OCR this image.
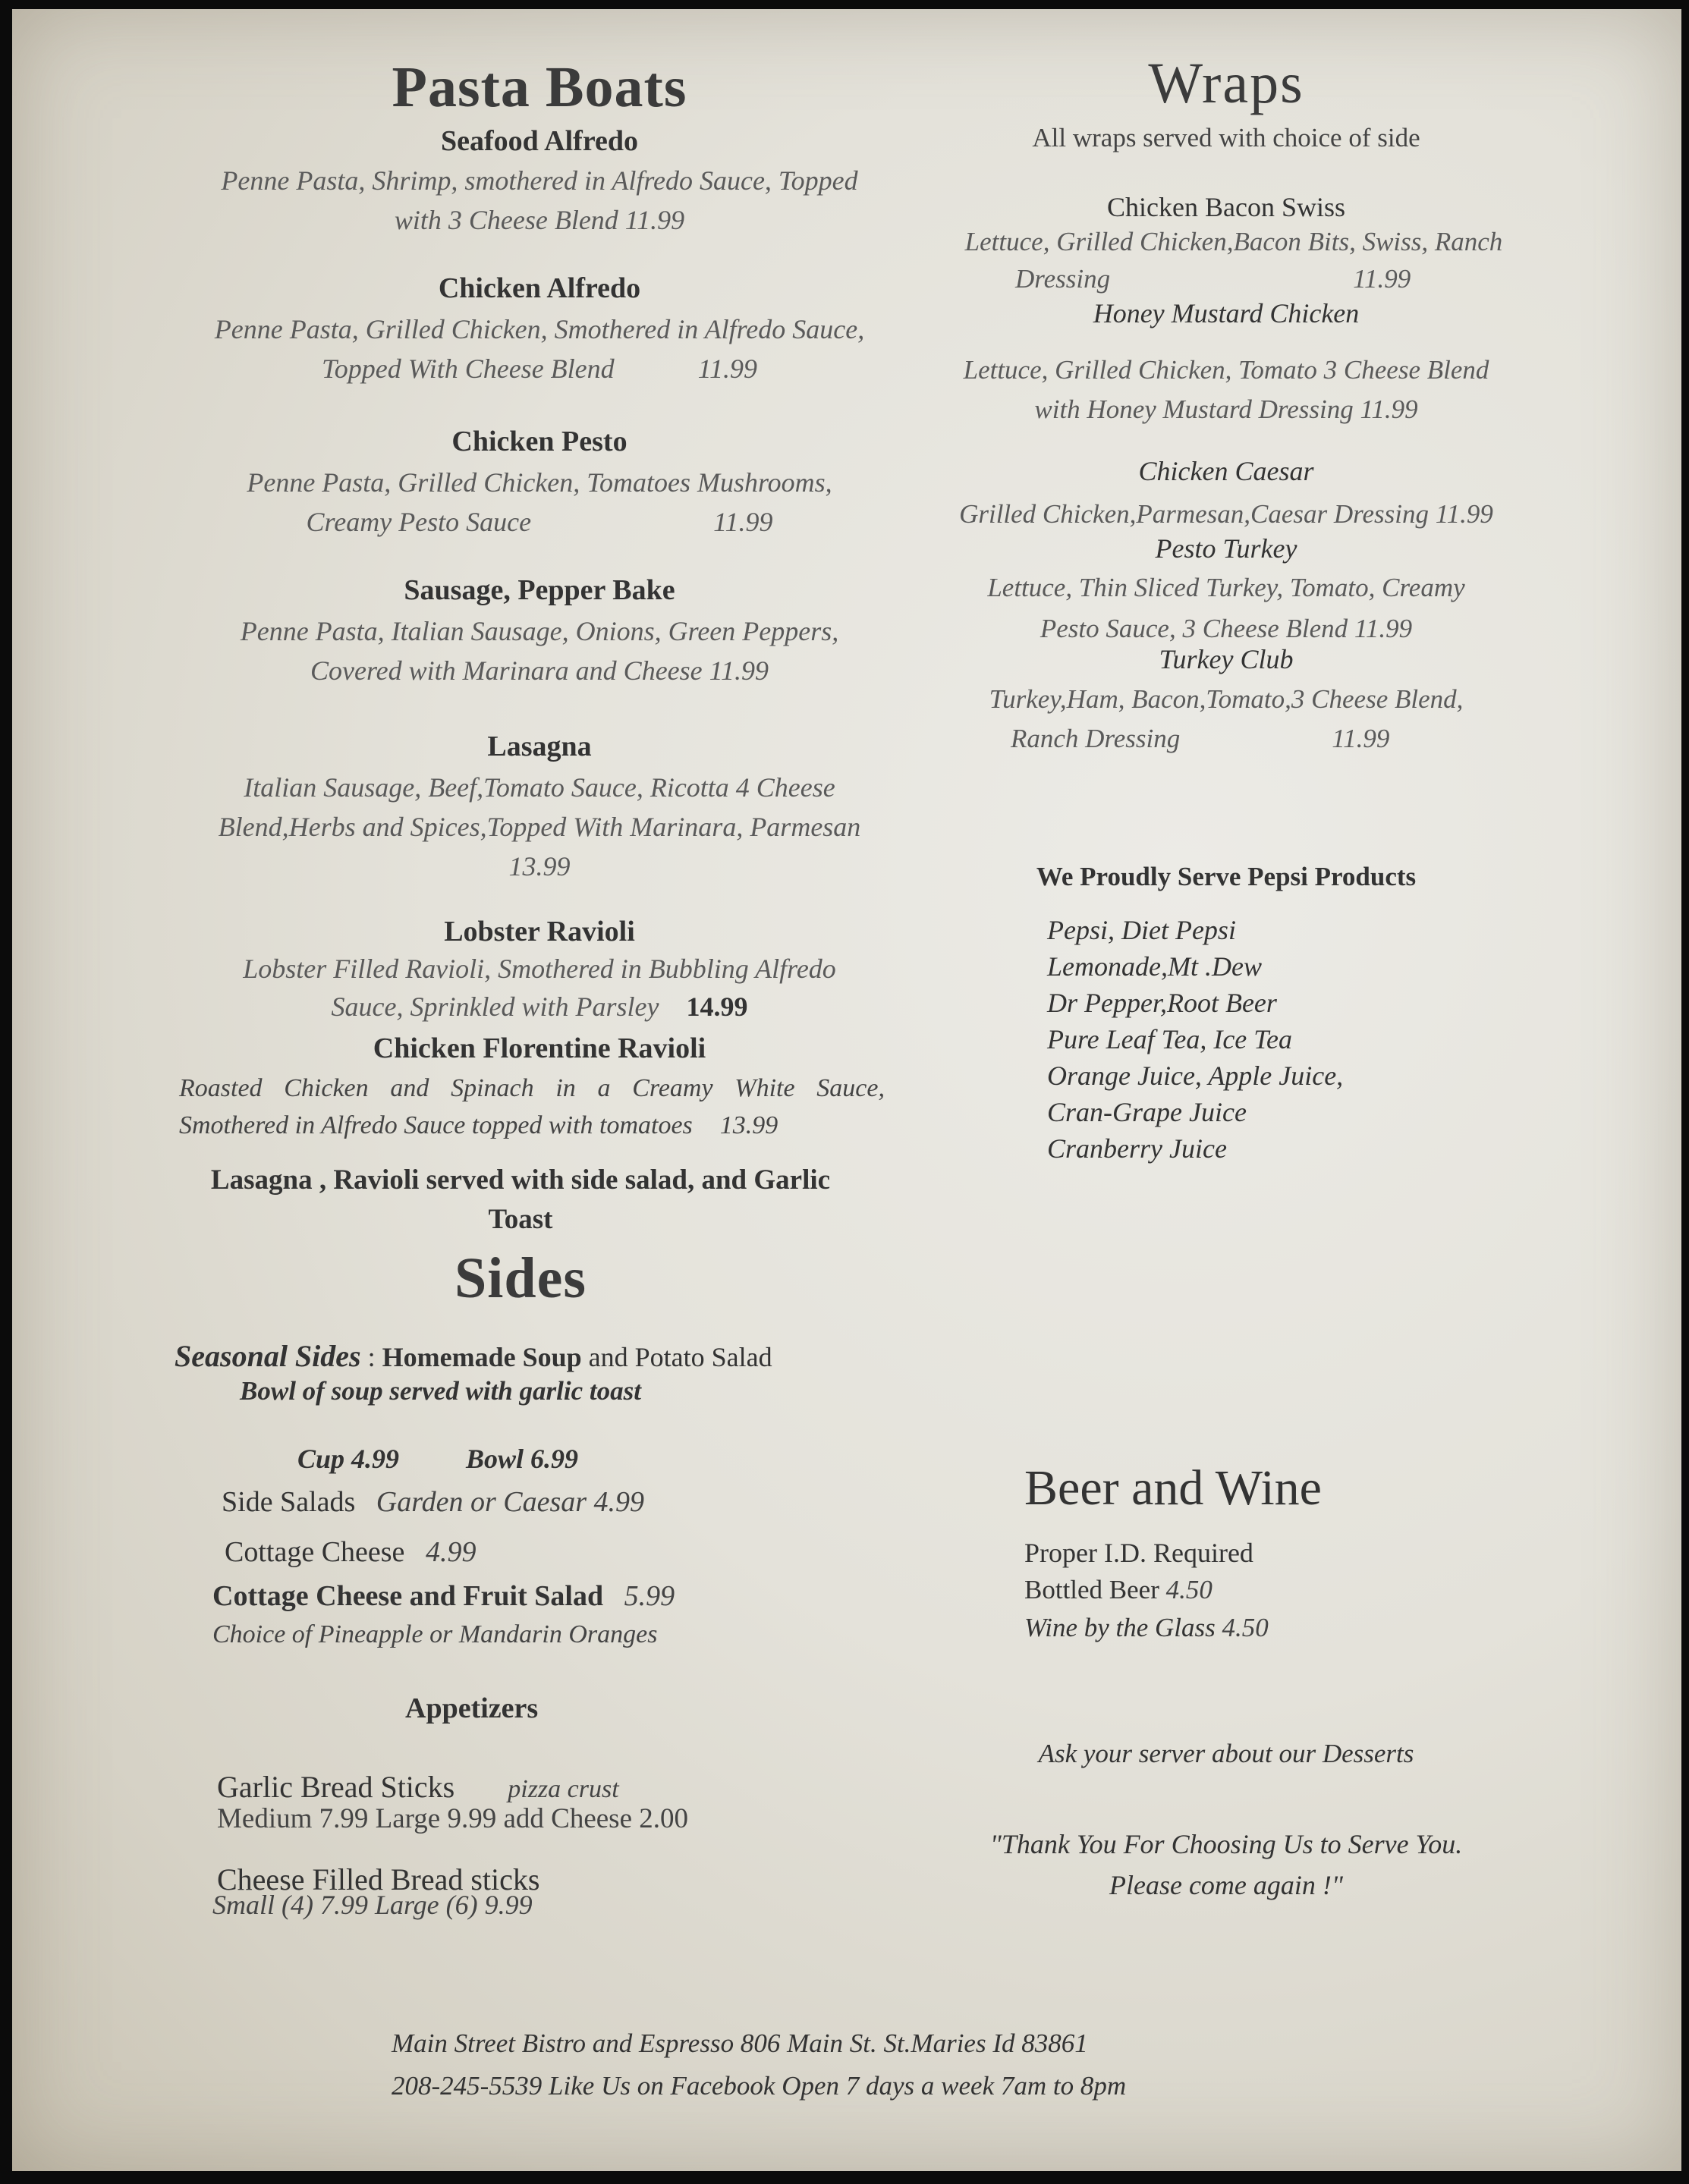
Pasta Boats
Seafood Alfredo
Penne Pasta, Shrimp, smothered in Alfredo Sauce, Topped
with 3 Cheese Blend 11.99
Chicken Alfredo
Penne Pasta, Grilled Chicken, Smothered in Alfredo Sauce,
Topped With Cheese Blend	11.99
Chicken Pesto
Penne Pasta, Grilled Chicken, Tomatoes Mushrooms,
Creamy Pesto Sauce	11.99
Sausage, Pepper Bake
Penne Pasta, Italian Sausage, Onions, Green Peppers,
Covered with Marinara and Cheese 11.99
Lasagna
Italian Sausage, Beef,Tomato Sauce, Ricotta 4 Cheese
Blend,Herbs and Spices,Topped With Marinara, Parmesan
13.99
Lobster Ravioli
Lobster Filled Ravioli, Smothered in Bubbling Alfredo
Sauce, Sprinkled with Parsley 14.99
Chicken Florentine Ravioli
Roasted Chicken and Spinach in a Creamy White Sauce,
Smothered in Alfredo Sauce topped with tomatoes 13.99
Lasagna , Ravioli served with side salad, and Garlic
Toast
Sides
Seasonal Sides : Homemade Soup and Potato Salad
Bowl of soup served with garlic toast
Cup 4.99 Bowl 6.99
Side Salads Garden or Caesar 4.99
Cottage Cheese 4.99
Cottage Cheese and Fruit Salad 5.99
Choice of Pineapple or Mandarin Oranges
Appetizers
Garlic Bread Sticks pizza crust
Medium 7.99 Large 9.99 add Cheese 2.00
Cheese Filled Bread sticks
Small (4) 7.99 Large (6) 9.99
Wraps
All wraps served with choice of side
Chicken Bacon Swiss
Lettuce, Grilled Chicken,Bacon Bits, Swiss, Ranch
Dressing	11.99
Honey Mustard Chicken
Lettuce, Grilled Chicken, Tomato 3 Cheese Blend
with Honey Mustard Dressing 11.99
Chicken Caesar
Grilled Chicken,Parmesan,Caesar Dressing 11.99
Pesto Turkey
Lettuce, Thin Sliced Turkey, Tomato, Creamy
Pesto Sauce, 3 Cheese Blend 11.99
Turkey Club
Turkey,Ham, Bacon,Tomato,3 Cheese Blend,
Ranch Dressing	11.99
We Proudly Serve Pepsi Products
Pepsi, Diet Pepsi
Lemonade,Mt .Dew
Dr Pepper,Root Beer
Pure Leaf Tea, Ice Tea
Orange Juice, Apple Juice,
Cran-Grape Juice
Cranberry Juice
Beer and Wine
Proper I.D. Required
Bottled Beer 4.50
Wine by the Glass 4.50
Ask your server about our Desserts
"Thank You For Choosing Us to Serve You.
Please come again !"
Main Street Bistro and Espresso 806 Main St. St.Maries Id 83861
208-245-5539 Like Us on Facebook Open 7 days a week 7am to 8pm
